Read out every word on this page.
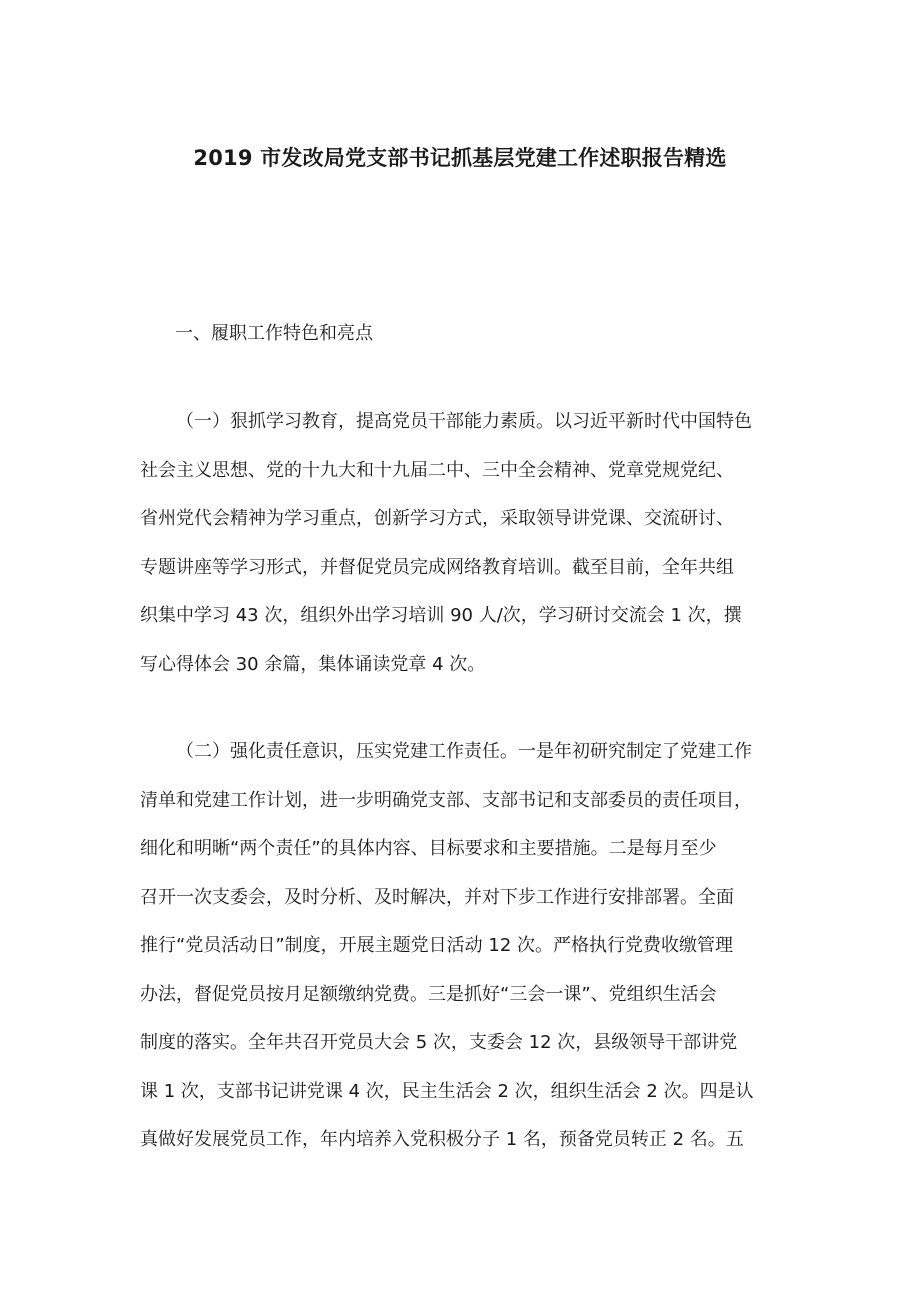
2019 市发改局党支部书记抓基层党建工作述职报告精选
一、履职工作特色和亮点
（一）狠抓学习教育，提高党员干部能力素质。以习近平新时代中国特色
社会主义思想、党的十九大和十九届二中、三中全会精神、党章党规党纪、
省州党代会精神为学习重点，创新学习方式，采取领导讲党课、交流研讨、
专题讲座等学习形式，并督促党员完成网络教育培训。截至目前，全年共组
织集中学习 43 次，组织外出学习培训 90 人/次，学习研讨交流会 1 次，撰
写心得体会 30 余篇，集体诵读党章 4 次。
（二）强化责任意识，压实党建工作责任。一是年初研究制定了党建工作
清单和党建工作计划，进一步明确党支部、支部书记和支部委员的责任项目，
细化和明晰“两个责任”的具体内容、目标要求和主要措施。二是每月至少
召开一次支委会，及时分析、及时解决，并对下步工作进行安排部署。全面
推行“党员活动日”制度，开展主题党日活动 12 次。严格执行党费收缴管理
办法，督促党员按月足额缴纳党费。三是抓好“三会一课”、党组织生活会
制度的落实。全年共召开党员大会 5 次，支委会 12 次，县级领导干部讲党
课 1 次，支部书记讲党课 4 次，民主生活会 2 次，组织生活会 2 次。四是认
真做好发展党员工作，年内培养入党积极分子 1 名，预备党员转正 2 名。五
